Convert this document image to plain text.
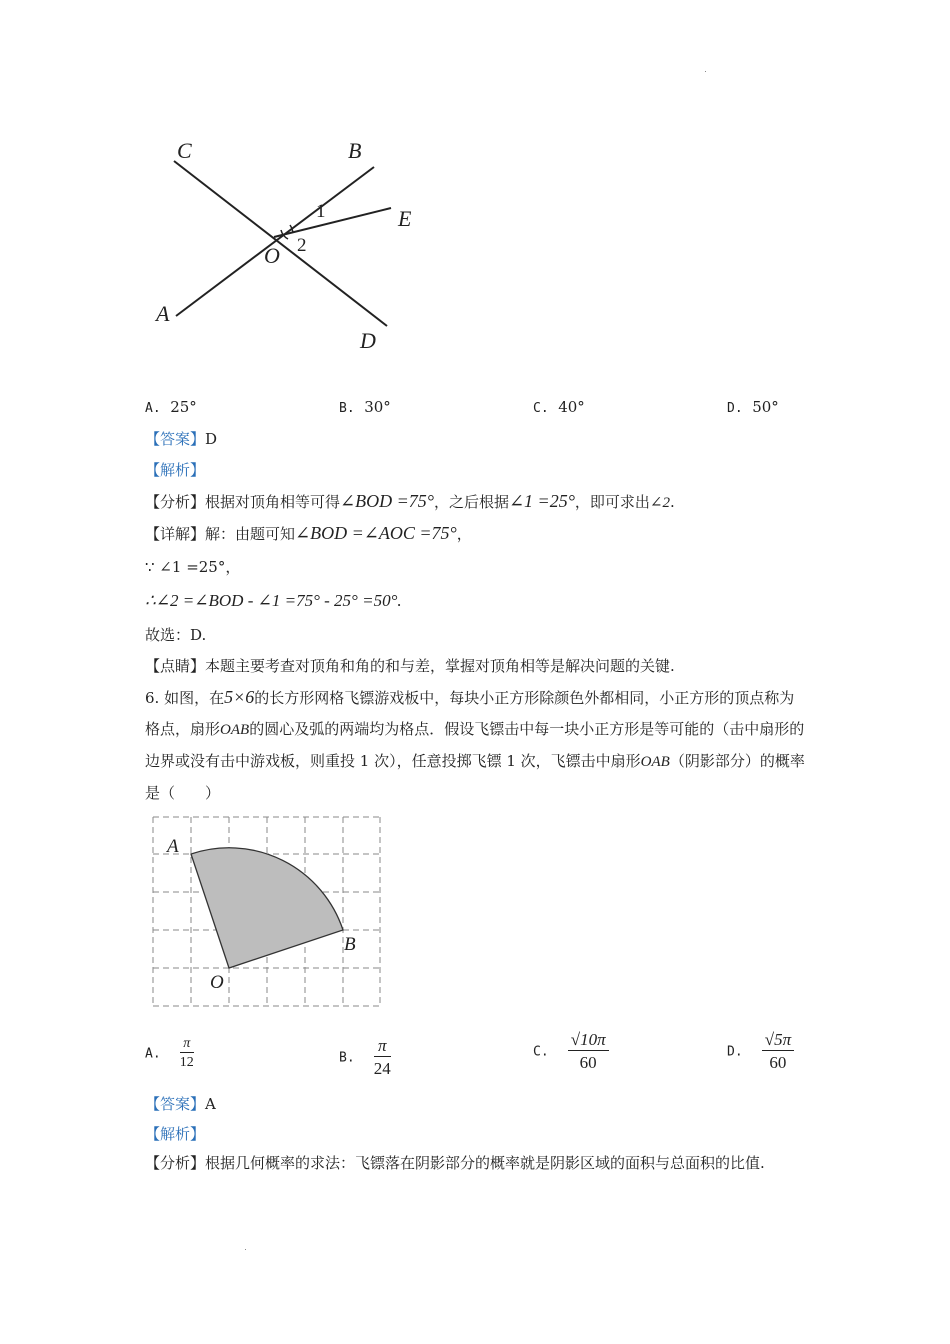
C	B
E
1
O 2
A
D
A. 25°	B. 30°	C. 40°	D. 50°
【答案】D
【解析】
【分析】根据对顶角相等可得∠BOD =75°，之后根据∠1 =25°，即可求出∠2.
【详解】解：由题可知∠BOD =∠AOC =75°，
∵ ∠1 =25°，
∴∠2 =∠BOD - ∠1 =75° - 25° =50°.
故选：D.
【点睛】本题主要考查对顶角和角的和与差，掌握对顶角相等是解决问题的关键.
6. 如图，在5×6的长方形网格飞镖游戏板中，每块小正方形除颜色外都相同，小正方形的顶点称为格点，扇形OAB的圆心及弧的两端均为格点．假设飞镖击中每一块小正方形是等可能的（击中扇形的边界或没有击中游戏板，则重投 1 次），任意投掷飞镖 1 次，飞镖击中扇形OAB（阴影部分）的概率是（　　）
A
B
O
A. $\frac{\pi}{12}$	B. $\frac{\pi}{24}$	C. $\frac{√10\pi}{60}$	D. $\frac{√5\pi}{60}$
【答案】A
【解析】
【分析】根据几何概率的求法：飞镖落在阴影部分的概率就是阴影区域的面积与总面积的比值.
